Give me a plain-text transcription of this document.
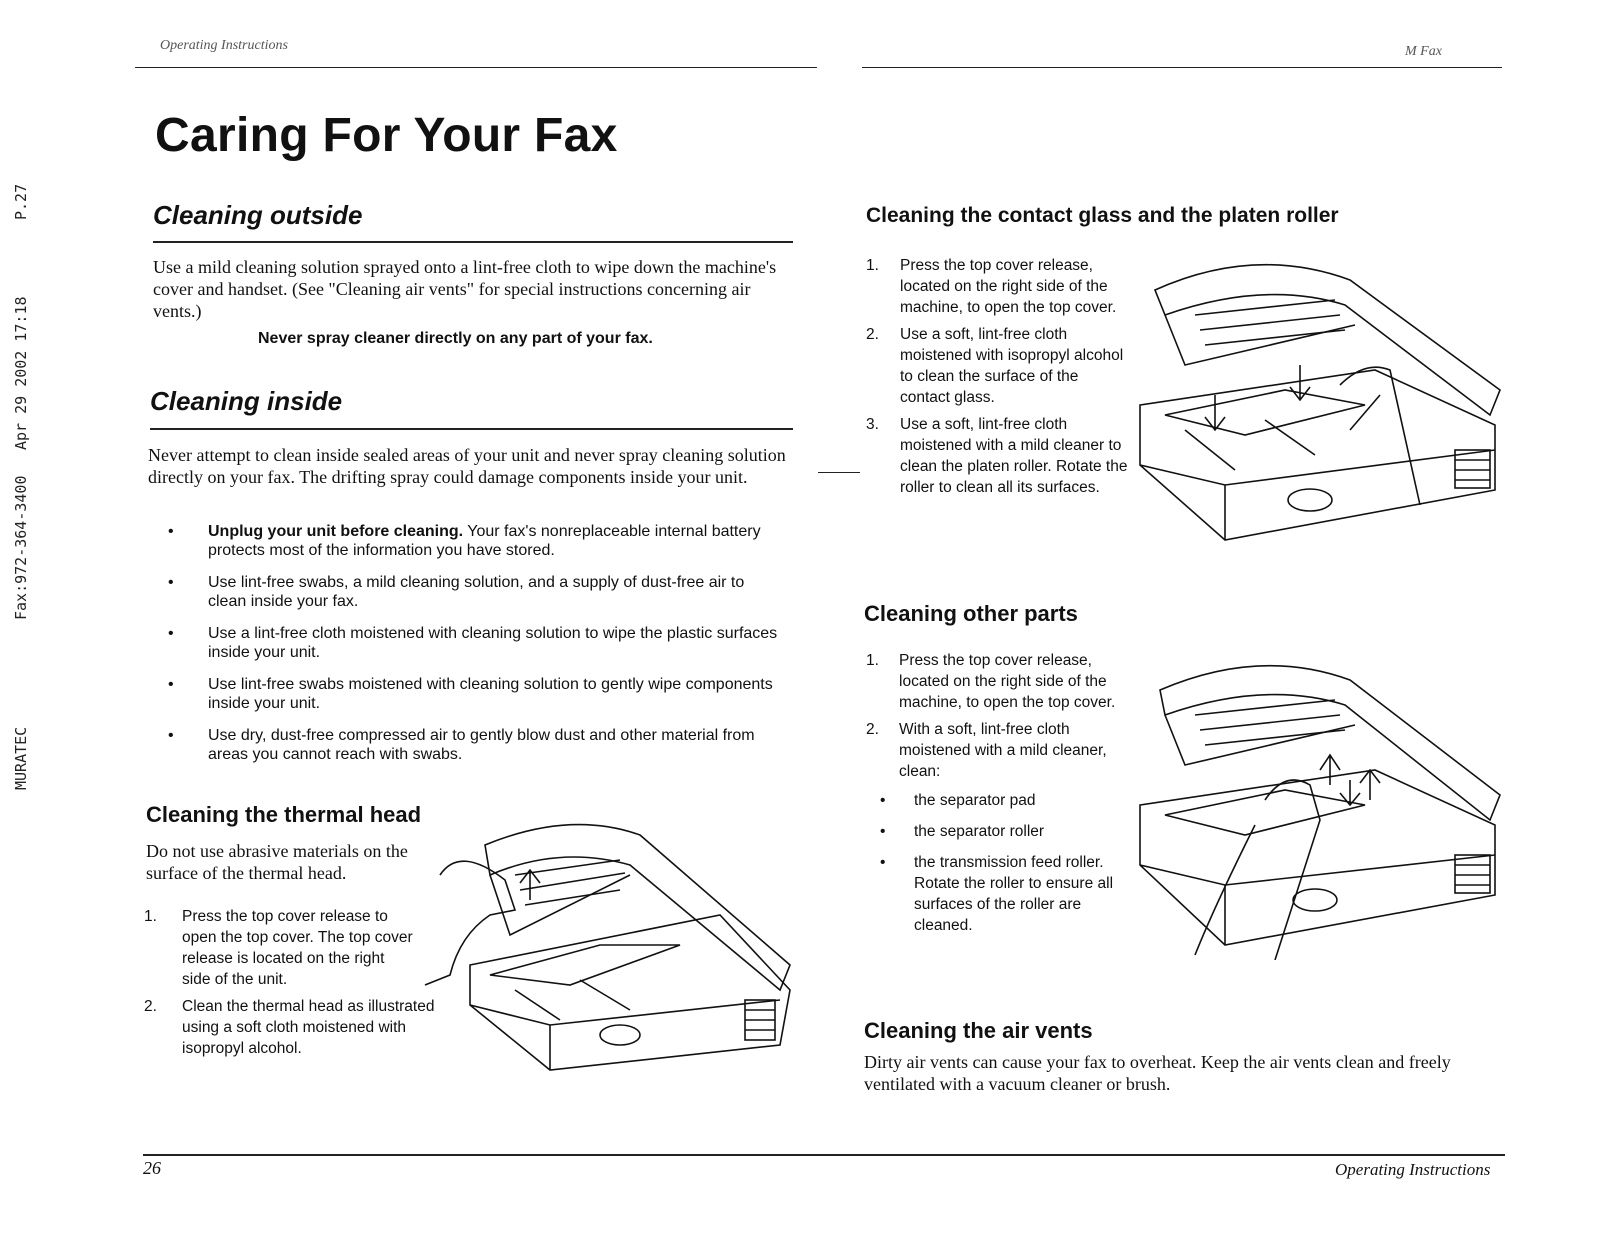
MURATEC
Fax:972-364-3400
Apr 29 2002 17:18
P.27
Operating Instructions	M Fax
Caring For Your Fax
Cleaning outside

Use a mild cleaning solution sprayed onto a lint-free cloth to wipe down the machine's cover and handset. (See "Cleaning air vents" for special instructions concerning air vents.)

Never spray cleaner directly on any part of your fax.

Cleaning inside

Never attempt to clean inside sealed areas of your unit and never spray cleaning solution directly on your fax. The drifting spray could damage components inside your unit.

• Unplug your unit before cleaning. Your fax's nonreplaceable internal battery protects most of the information you have stored.
• Use lint-free swabs, a mild cleaning solution, and a supply of dust-free air to clean inside your fax.
• Use a lint-free cloth moistened with cleaning solution to wipe the plastic surfaces inside your unit.
• Use lint-free swabs moistened with cleaning solution to gently wipe components inside your unit.
• Use dry, dust-free compressed air to gently blow dust and other material from areas you cannot reach with swabs.
Cleaning the thermal head

Do not use abrasive materials on the surface of the thermal head.

1.	Press the top cover release to open the top cover. The top cover release is located on the right side of the unit.
2.	Clean the thermal head as illustrated using a soft cloth moistened with isopropyl alcohol.
Cleaning the contact glass and the platen roller
1.	Press the top cover release, located on the right side of the machine, to open the top cover.
2.	Use a soft, lint-free cloth moistened with isopropyl alcohol to clean the surface of the contact glass.
3.	Use a soft, lint-free cloth moistened with a mild cleaner to clean the platen roller. Rotate the roller to clean all its surfaces.
Cleaning other parts
1.	Press the top cover release, located on the right side of the machine, to open the top cover.
2.	With a soft, lint-free cloth moistened with a mild cleaner, clean:
• the separator pad
• the separator roller
• the transmission feed roller. Rotate the roller to ensure all surfaces of the roller are cleaned.
Cleaning the air vents

Dirty air vents can cause your fax to overheat. Keep the air vents clean and freely ventilated with a vacuum cleaner or brush.

26	Operating Instructions
